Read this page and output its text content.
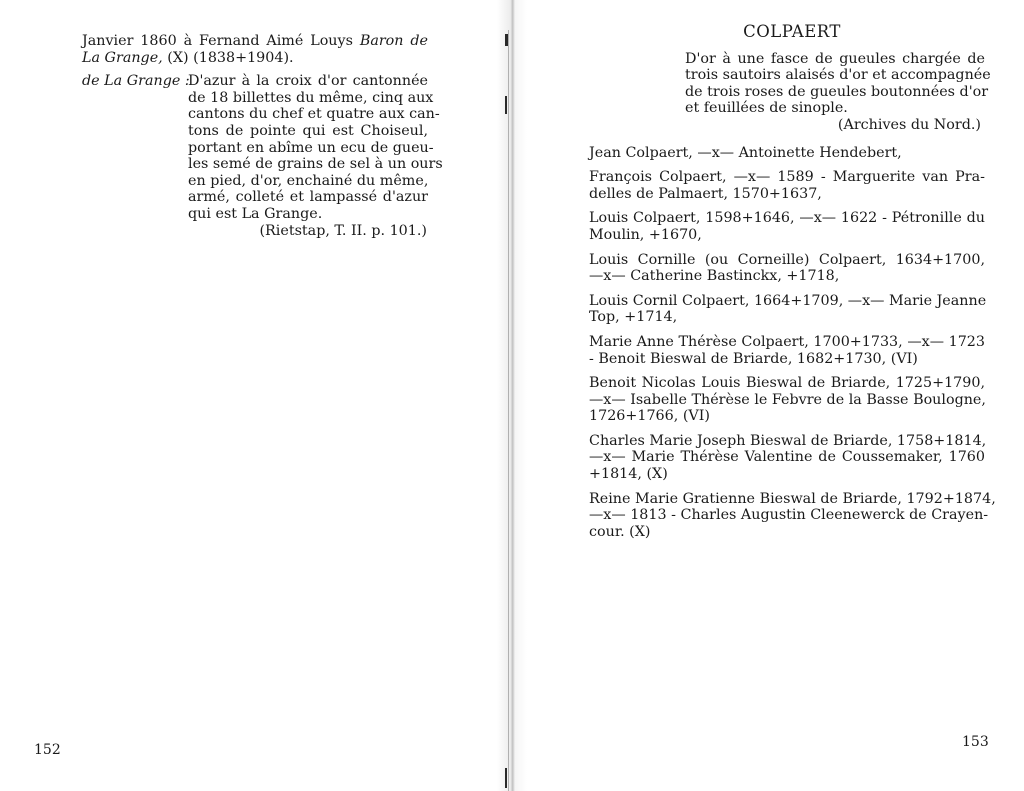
Janvier 1860 à Fernand Aimé Louys Baron de
La Grange, (X) (1838+1904).
de La Grange :
D'azur à la croix d'or cantonnée
de 18 billettes du même, cinq aux
cantons du chef et quatre aux can-
tons de pointe qui est Choiseul,
portant en abîme un ecu de gueu-
les semé de grains de sel à un ours
en pied, d'or, enchainé du même,
armé, colleté et lampassé d'azur
qui est La Grange.
(Rietstap, T. II. p. 101.)
152
COLPAERT
D'or à une fasce de gueules chargée de
trois sautoirs alaisés d'or et accompagnée
de trois roses de gueules boutonnées d'or
et feuillées de sinople.
(Archives du Nord.)
Jean Colpaert, —x— Antoinette Hendebert,
François Colpaert, —x— 1589 - Marguerite van Pra-
delles de Palmaert, 1570+1637,
Louis Colpaert, 1598+1646, —x— 1622 - Pétronille du
Moulin, +1670,
Louis Cornille (ou Corneille) Colpaert, 1634+1700,
—x— Catherine Bastinckx, +1718,
Louis Cornil Colpaert, 1664+1709, —x— Marie Jeanne
Top, +1714,
Marie Anne Thérèse Colpaert, 1700+1733, —x— 1723
- Benoit Bieswal de Briarde, 1682+1730, (VI)
Benoit Nicolas Louis Bieswal de Briarde, 1725+1790,
—x— Isabelle Thérèse le Febvre de la Basse Boulogne,
1726+1766, (VI)
Charles Marie Joseph Bieswal de Briarde, 1758+1814,
—x— Marie Thérèse Valentine de Coussemaker, 1760
+1814, (X)
Reine Marie Gratienne Bieswal de Briarde, 1792+1874,
—x— 1813 - Charles Augustin Cleenewerck de Crayen-
cour. (X)
153
